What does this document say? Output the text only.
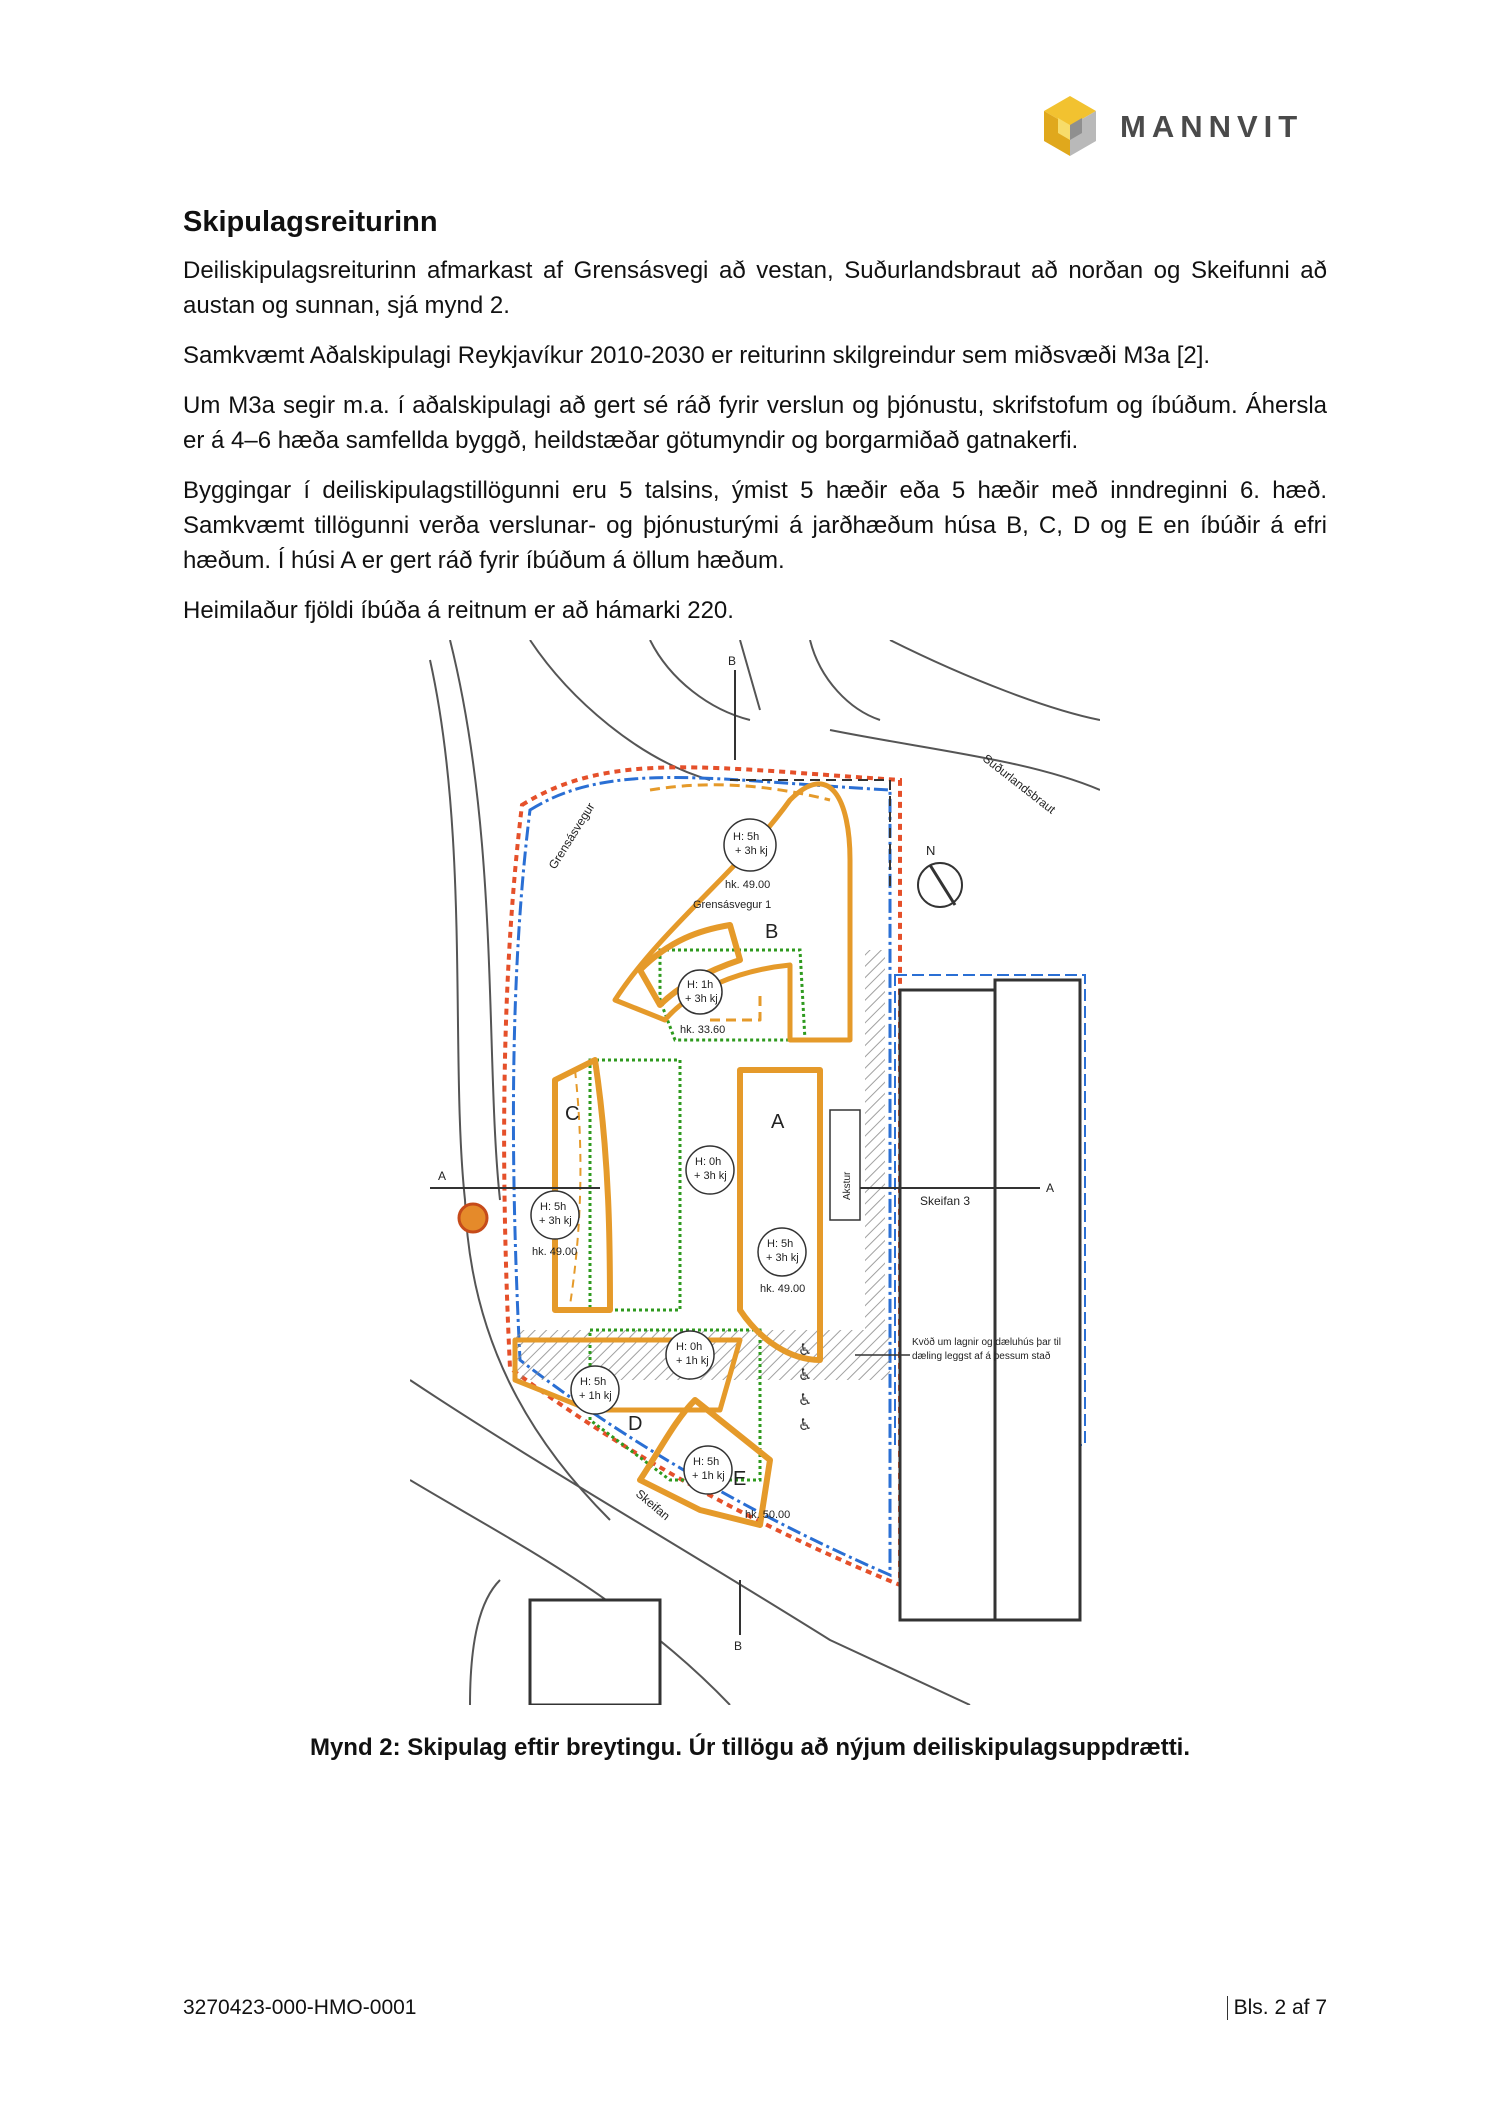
MANNVIT
Skipulagsreiturinn

Deiliskipulagsreiturinn afmarkast af Grensásvegi að vestan, Suðurlandsbraut að norðan og Skeifunni að austan og sunnan, sjá mynd 2.

Samkvæmt Aðalskipulagi Reykjavíkur 2010-2030 er reiturinn skilgreindur sem miðsvæði M3a [2].

Um M3a segir m.a. í aðalskipulagi að gert sé ráð fyrir verslun og þjónustu, skrifstofum og íbúðum. Áhersla er á 4–6 hæða samfellda byggð, heildstæðar götumyndir og borgarmiðað gatnakerfi.

Byggingar í deiliskipulagstillögunni eru 5 talsins, ýmist 5 hæðir eða 5 hæðir með inndreginni 6. hæð. Samkvæmt tillögunni verða verslunar- og þjónusturými á jarðhæðum húsa B, C, D og E en íbúðir á efri hæðum. Í húsi A er gert ráð fyrir íbúðum á öllum hæðum.

Heimilaður fjöldi íbúða á reitnum er að hámarki 220.

Skeifan 3
♿
♿
♿
♿
N
A
A
B
B
Akstur
Grensásvegur
Suðurlandsbraut
Skeifan
Kvöð um lagnir og dæluhús þar til
dæling leggst af á þessum stað
H: 5h
+ 3h kj
hk. 49.00
Grensásvegur 1
B
H: 1h
+ 3h kj
hk. 33.60
C
H: 5h
+ 3h kj
hk. 49.00
H: 0h
+ 3h kj
A
H: 5h
+ 3h kj
hk. 49.00
H: 5h
+ 1h kj
D
H: 0h
+ 1h kj
H: 5h
+ 1h kj E
hk. 50.00
Mynd 2: Skipulag eftir breytingu. Úr tillögu að nýjum deiliskipulagsuppdrætti.
3270423-000-HMO-0001	Bls. 2 af 7
